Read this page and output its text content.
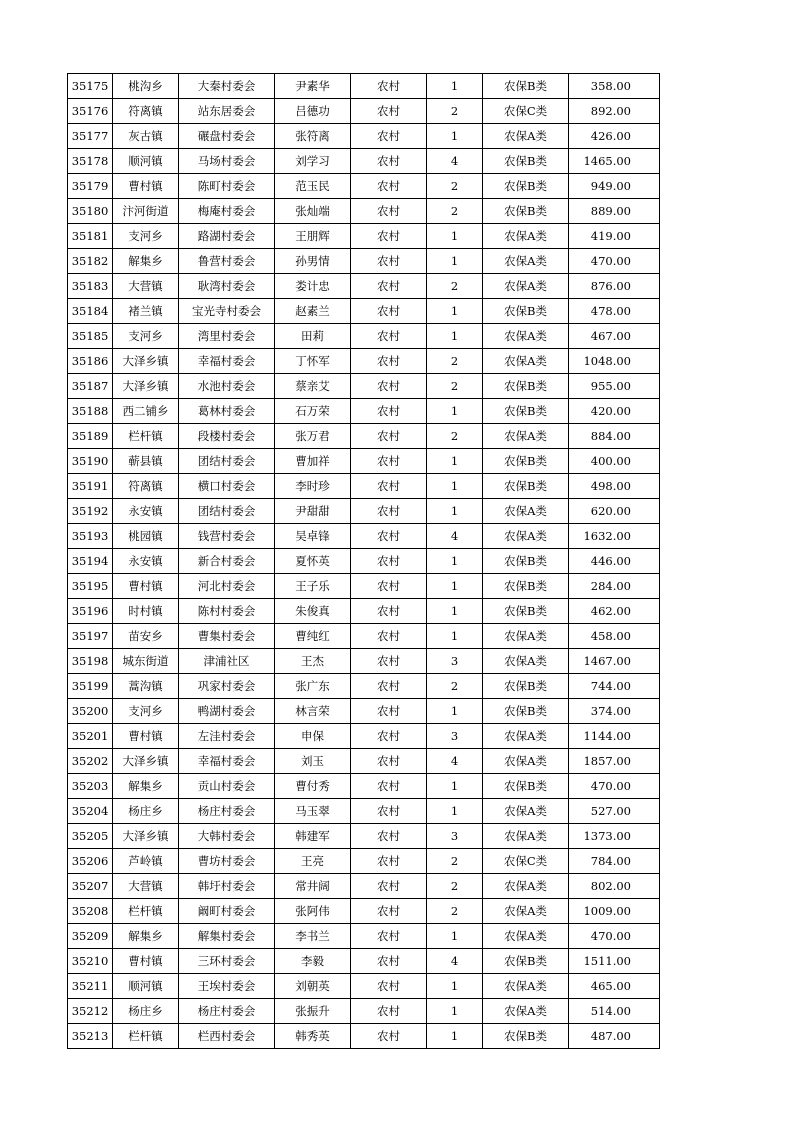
35175	桃沟乡	大秦村委会	尹素华	农村	1	农保B类	358.00
35176	符离镇	站东居委会	吕德功	农村	2	农保C类	892.00
35177	灰古镇	碾盘村委会	张符离	农村	1	农保A类	426.00
35178	顺河镇	马场村委会	刘学习	农村	4	农保B类	1465.00
35179	曹村镇	陈町村委会	范玉民	农村	2	农保B类	949.00
35180	汴河街道	梅庵村委会	张灿端	农村	2	农保B类	889.00
35181	支河乡	路湖村委会	王朋辉	农村	1	农保A类	419.00
35182	解集乡	鲁营村委会	孙男情	农村	1	农保A类	470.00
35183	大营镇	耿湾村委会	娄计忠	农村	2	农保A类	876.00
35184	褚兰镇	宝光寺村委会	赵素兰	农村	1	农保B类	478.00
35185	支河乡	湾里村委会	田莉	农村	1	农保A类	467.00
35186	大泽乡镇	幸福村委会	丁怀军	农村	2	农保A类	1048.00
35187	大泽乡镇	水池村委会	蔡亲艾	农村	2	农保B类	955.00
35188	西二铺乡	葛林村委会	石万荣	农村	1	农保B类	420.00
35189	栏杆镇	段楼村委会	张万君	农村	2	农保A类	884.00
35190	蕲县镇	团结村委会	曹加祥	农村	1	农保B类	400.00
35191	符离镇	横口村委会	李时珍	农村	1	农保B类	498.00
35192	永安镇	团结村委会	尹甜甜	农村	1	农保A类	620.00
35193	桃园镇	钱营村委会	吴卓锋	农村	4	农保A类	1632.00
35194	永安镇	新合村委会	夏怀英	农村	1	农保B类	446.00
35195	曹村镇	河北村委会	王子乐	农村	1	农保B类	284.00
35196	时村镇	陈村村委会	朱俊真	农村	1	农保B类	462.00
35197	苗安乡	曹集村委会	曹纯红	农村	1	农保A类	458.00
35198	城东街道	津浦社区	王杰	农村	3	农保A类	1467.00
35199	蒿沟镇	巩家村委会	张广东	农村	2	农保B类	744.00
35200	支河乡	鸭湖村委会	林言荣	农村	1	农保B类	374.00
35201	曹村镇	左洼村委会	申保	农村	3	农保A类	1144.00
35202	大泽乡镇	幸福村委会	刘玉	农村	4	农保A类	1857.00
35203	解集乡	贡山村委会	曹付秀	农村	1	农保B类	470.00
35204	杨庄乡	杨庄村委会	马玉翠	农村	1	农保A类	527.00
35205	大泽乡镇	大韩村委会	韩建军	农村	3	农保A类	1373.00
35206	芦岭镇	曹坊村委会	王亮	农村	2	农保C类	784.00
35207	大营镇	韩圩村委会	常井阔	农村	2	农保A类	802.00
35208	栏杆镇	阚町村委会	张阿伟	农村	2	农保A类	1009.00
35209	解集乡	解集村委会	李书兰	农村	1	农保A类	470.00
35210	曹村镇	三环村委会	李毅	农村	4	农保B类	1511.00
35211	顺河镇	王埃村委会	刘朝英	农村	1	农保A类	465.00
35212	杨庄乡	杨庄村委会	张振升	农村	1	农保A类	514.00
35213	栏杆镇	栏西村委会	韩秀英	农村	1	农保B类	487.00
